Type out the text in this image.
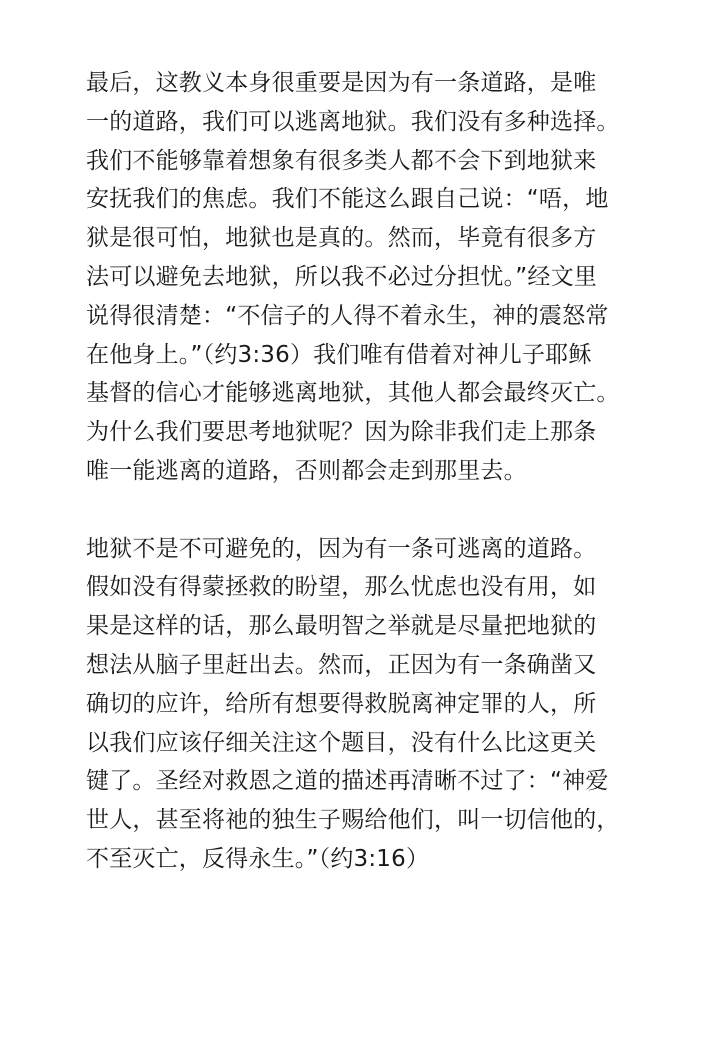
最后，这教义本身很重要是因为有一条道路，是唯
一的道路，我们可以逃离地狱。我们没有多种选择。
我们不能够靠着想象有很多类人都不会下到地狱来
安抚我们的焦虑。我们不能这么跟自己说：“唔，地
狱是很可怕，地狱也是真的。然而，毕竟有很多方
法可以避免去地狱，所以我不必过分担忧。”经文里
说得很清楚：“不信子的人得不着永生，神的震怒常
在他身上。”（约3:36）我们唯有借着对神儿子耶稣
基督的信心才能够逃离地狱，其他人都会最终灭亡。
为什么我们要思考地狱呢？因为除非我们走上那条
唯一能逃离的道路，否则都会走到那里去。
地狱不是不可避免的，因为有一条可逃离的道路。
假如没有得蒙拯救的盼望，那么忧虑也没有用，如
果是这样的话，那么最明智之举就是尽量把地狱的
想法从脑子里赶出去。然而，正因为有一条确凿又
确切的应许，给所有想要得救脱离神定罪的人，所
以我们应该仔细关注这个题目，没有什么比这更关
键了。圣经对救恩之道的描述再清晰不过了：“神爱
世人，甚至将祂的独生子赐给他们，叫一切信他的，
不至灭亡，反得永生。”（约3:16）
